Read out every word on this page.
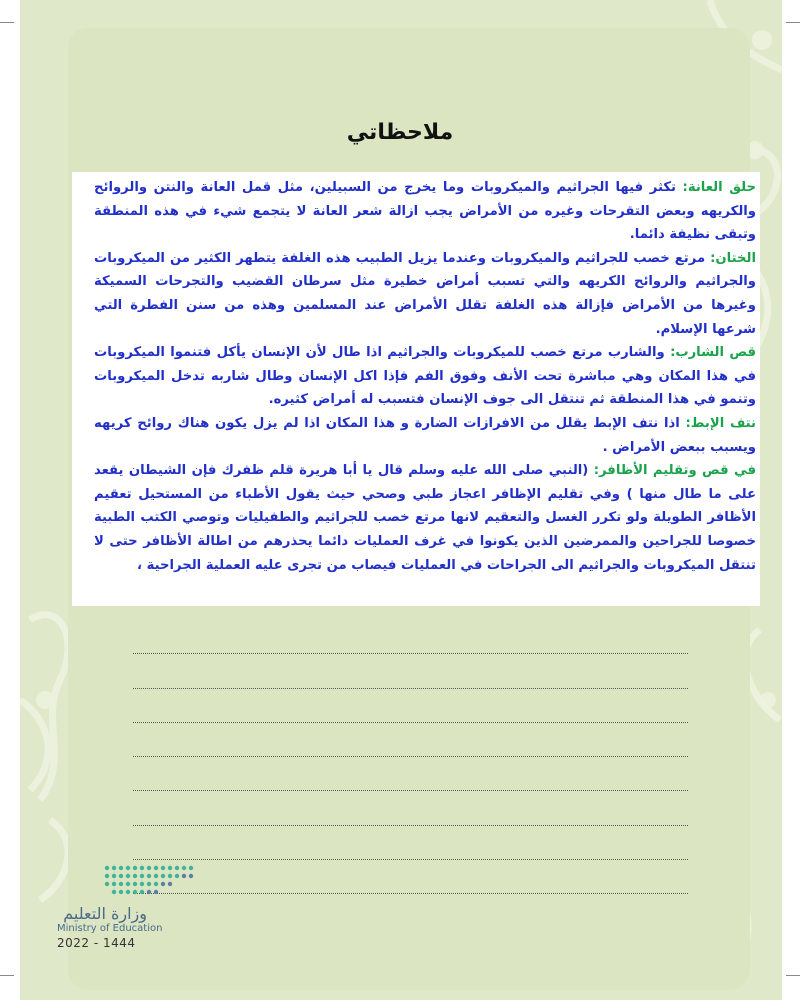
ملاحظاتي

حلق العانة: تكثر فيها الجراثيم والميكروبات وما يخرج من السبيلين، مثل قمل العانة والنتن والروائح والكريهه وبعض التقرحات وغيره من الأمراض يجب ازالة شعر العانة لا يتجمع شيء في هذه المنطقة وتبقى نظيفة دائما.

الختان: مرتع خصب للجراثيم والميكروبات وعندما يزيل الطبيب هذه الغلفة يتطهر الكثير من الميكروبات والجراثيم والروائح الكريهه والتي تسبب أمراض خطيرة مثل سرطان القضيب والتجرحات السميكة وغيرها من الأمراض فإزالة هذه الغلفة تقلل الأمراض عند المسلمين وهذه من سنن الفطرة التي شرعها الإسلام.

قص الشارب: والشارب مرتع خصب للميكروبات والجراثيم اذا طال لأن الإنسان يأكل فتنموا الميكروبات في هذا المكان وهي مباشرة تحت الأنف وفوق الفم فإذا اكل الإنسان وطال شاربه تدخل الميكروبات وتنمو في هذا المنطقة ثم تنتقل الى جوف الإنسان فتسبب له أمراض كثيره.

نتف الإبط: اذا نتف الإبط يقلل من الافرازات الضارة و هذا المكان اذا لم يزل يكون هناك روائح كريهه ويسبب ببعض الأمراض .

في قص وتقليم الأظافر: (النبي صلى الله عليه وسلم قال يا أبا هريرة قلم ظفرك فإن الشيطان يقعد على ما طال منها ) وفي تقليم الإظافر اعجاز طبي وصحي حيث يقول الأطباء من المستحيل تعقيم الأظافر الطويلة ولو تكرر الغسل والتعقيم لانها مرتع خصب للجراثيم والطفيليات وتوصي الكتب الطبية خصوصا للجراحين والممرضين الذين يكونوا في غرف العمليات دائما يحذرهم من اطالة الأظافر حتى لا تنتقل الميكروبات والجراثيم الى الجراحات في العمليات فيصاب من تجرى عليه العملية الجراحية ،

وزارة التعليم
Ministry of Education
2022 - 1444
